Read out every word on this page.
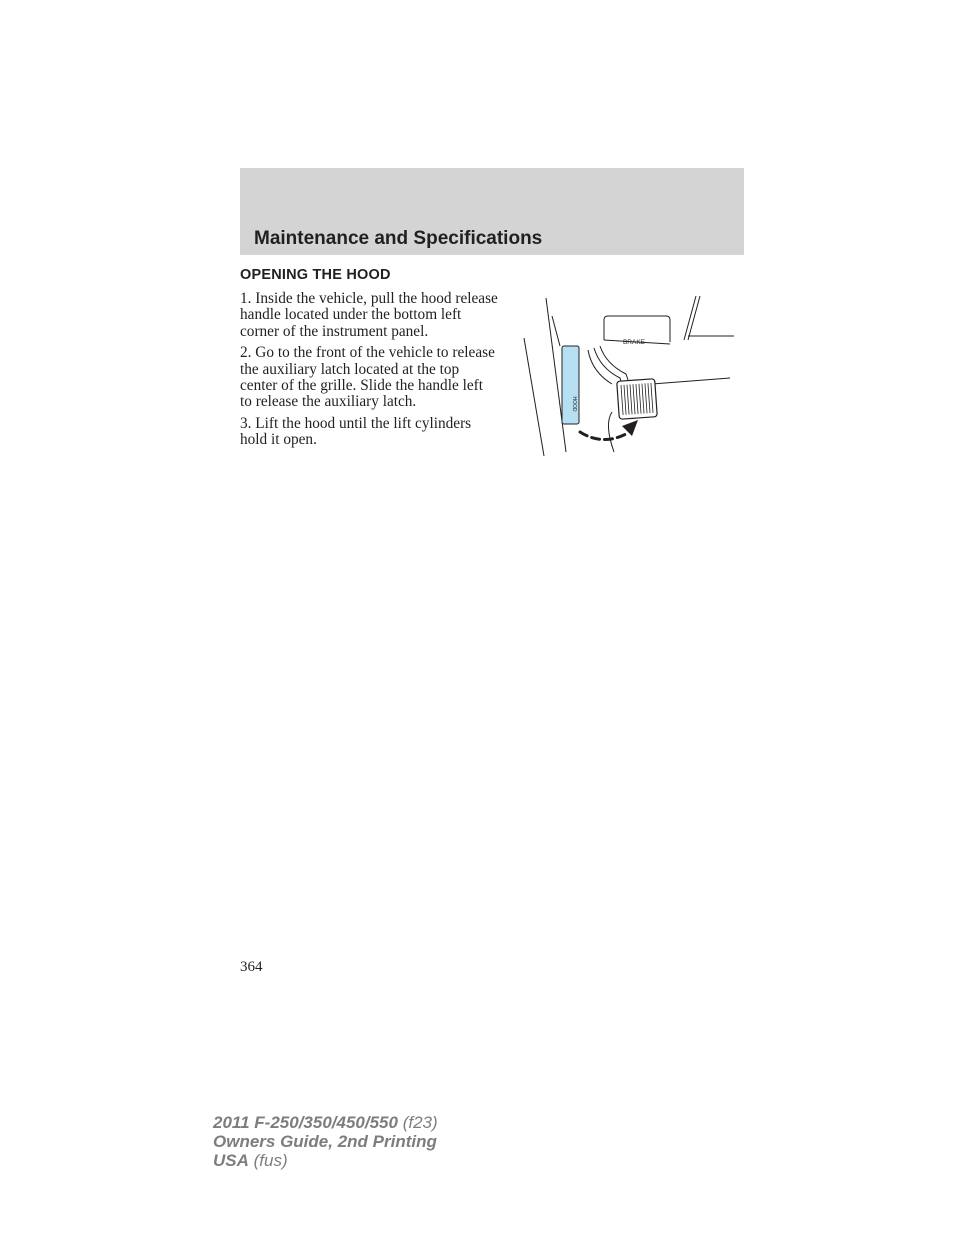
Maintenance and Specifications
OPENING THE HOOD

1. Inside the vehicle, pull the hood release handle located under the bottom left corner of the instrument panel.

2. Go to the front of the vehicle to release the auxiliary latch located at the top center of the grille. Slide the handle left to release the auxiliary latch.

3. Lift the hood until the lift cylinders hold it open.

HOOD
BRAKE
364
2011 F-250/350/450/550 (f23)
Owners Guide, 2nd Printing
USA (fus)
